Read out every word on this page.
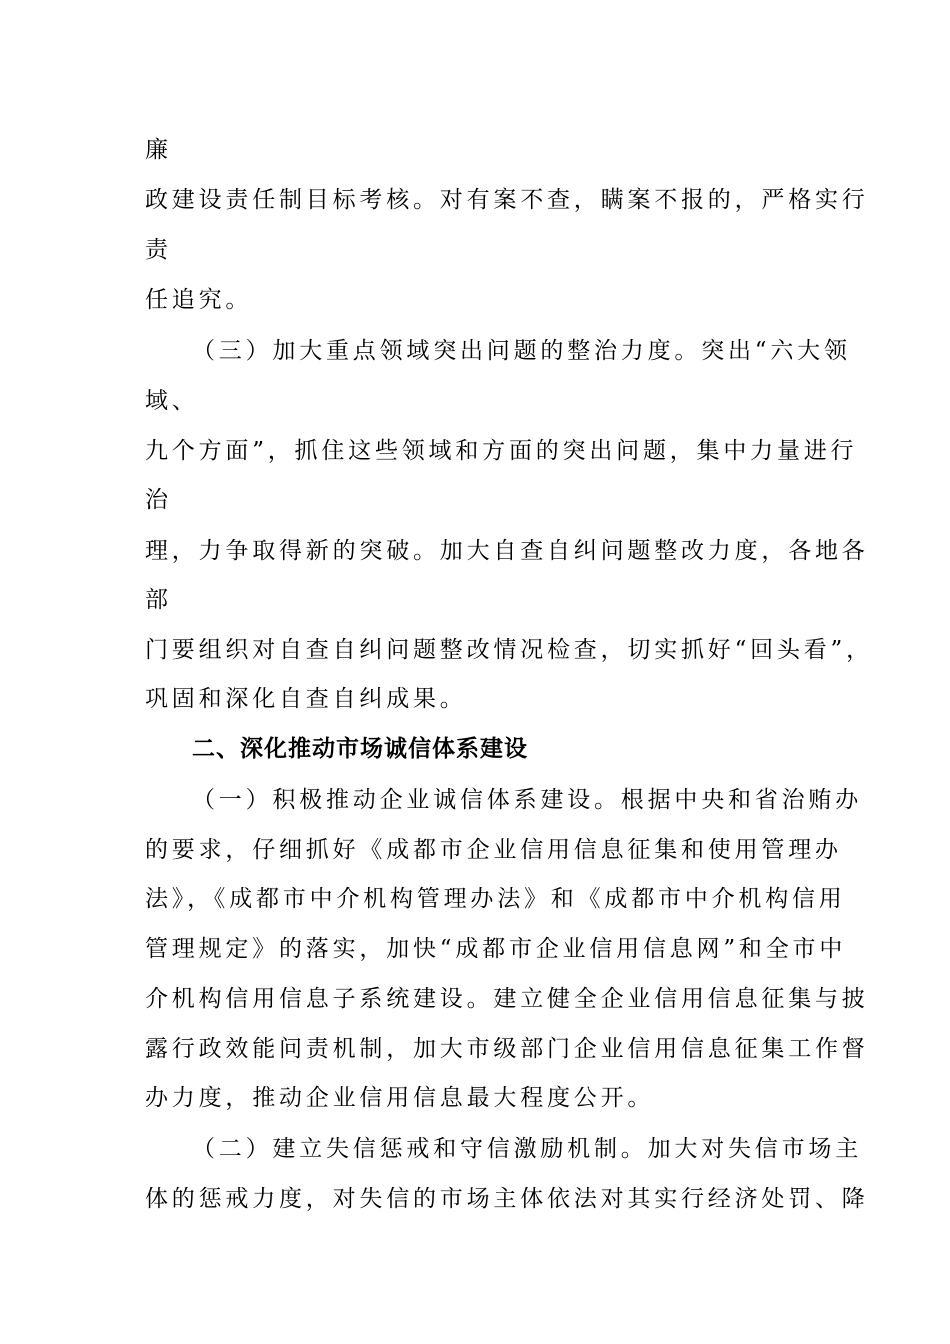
廉
政建设责任制目标考核。对有案不查，瞒案不报的，严格实行
责
任追究。
（三）加大重点领域突出问题的整治力度。突出“六大领
域、
九个方面”，抓住这些领域和方面的突出问题，集中力量进行
治
理，力争取得新的突破。加大自查自纠问题整改力度，各地各
部
门要组织对自查自纠问题整改情况检查，切实抓好“回头看”，
巩固和深化自查自纠成果。
二、深化推动市场诚信体系建设
（一）积极推动企业诚信体系建设。根据中央和省治贿办
的要求，仔细抓好《成都市企业信用信息征集和使用管理办
法》，《成都市中介机构管理办法》和《成都市中介机构信用
管理规定》的落实，加快“成都市企业信用信息网”和全市中
介机构信用信息子系统建设。建立健全企业信用信息征集与披
露行政效能问责机制，加大市级部门企业信用信息征集工作督
办力度，推动企业信用信息最大程度公开。
（二）建立失信惩戒和守信激励机制。加大对失信市场主
体的惩戒力度，对失信的市场主体依法对其实行经济处罚、降
